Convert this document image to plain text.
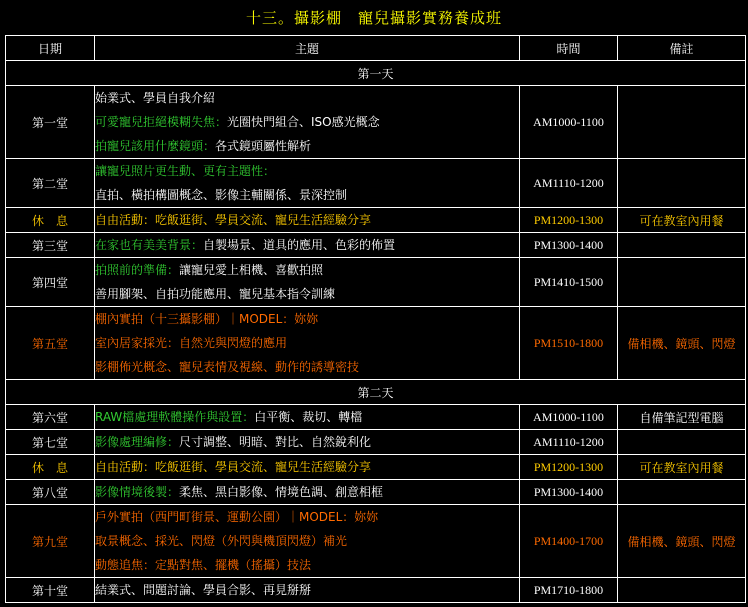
十三。攝影棚　寵兒攝影實務養成班
日期	主題	時間	備註
第一天			
第一堂	始業式、學員自我介紹
可愛寵兒拒絕模糊失焦：光圈快門組合、ISO感光概念
拍寵兒該用什麼鏡頭：各式鏡頭屬性解析	AM1000-1100	
第二堂	讓寵兒照片更生動、更有主題性：
直拍、橫拍構圖概念、影像主輔關係、景深控制	AM1110-1200	
休　息	自由活動：吃飯逛街、學員交流、寵兒生活經驗分享	PM1200-1300	可在教室內用餐
第三堂	在家也有美美背景：自製場景、道具的應用、色彩的佈置	PM1300-1400	
第四堂	拍照前的準備：讓寵兒愛上相機、喜歡拍照
善用腳架、自拍功能應用、寵兒基本指令訓練	PM1410-1500	
第五堂	棚內實拍（十三攝影棚）｜MODEL：妳妳
室內居家採光：自然光與閃燈的應用
影棚佈光概念、寵兒表情及視線、動作的誘導密技	PM1510-1800	備相機、鏡頭、閃燈
第二天			
第六堂	RAW檔處理軟體操作與設置：白平衡、裁切、轉檔	AM1000-1100	自備筆記型電腦
第七堂	影像處理編修：尺寸調整、明暗、對比、自然銳利化	AM1110-1200	
休　息	自由活動：吃飯逛街、學員交流、寵兒生活經驗分享	PM1200-1300	可在教室內用餐
第八堂	影像情境後製：柔焦、黑白影像、情境色調、創意相框	PM1300-1400	
第九堂	戶外實拍（西門町街景、運動公園）｜MODEL：妳妳
取景概念、採光、閃燈（外閃與機頂閃燈）補光
動態追焦：定點對焦、擺機（搖攝）技法	PM1400-1700	備相機、鏡頭、閃燈
第十堂	結業式、問題討論、學員合影、再見掰掰	PM1710-1800	
